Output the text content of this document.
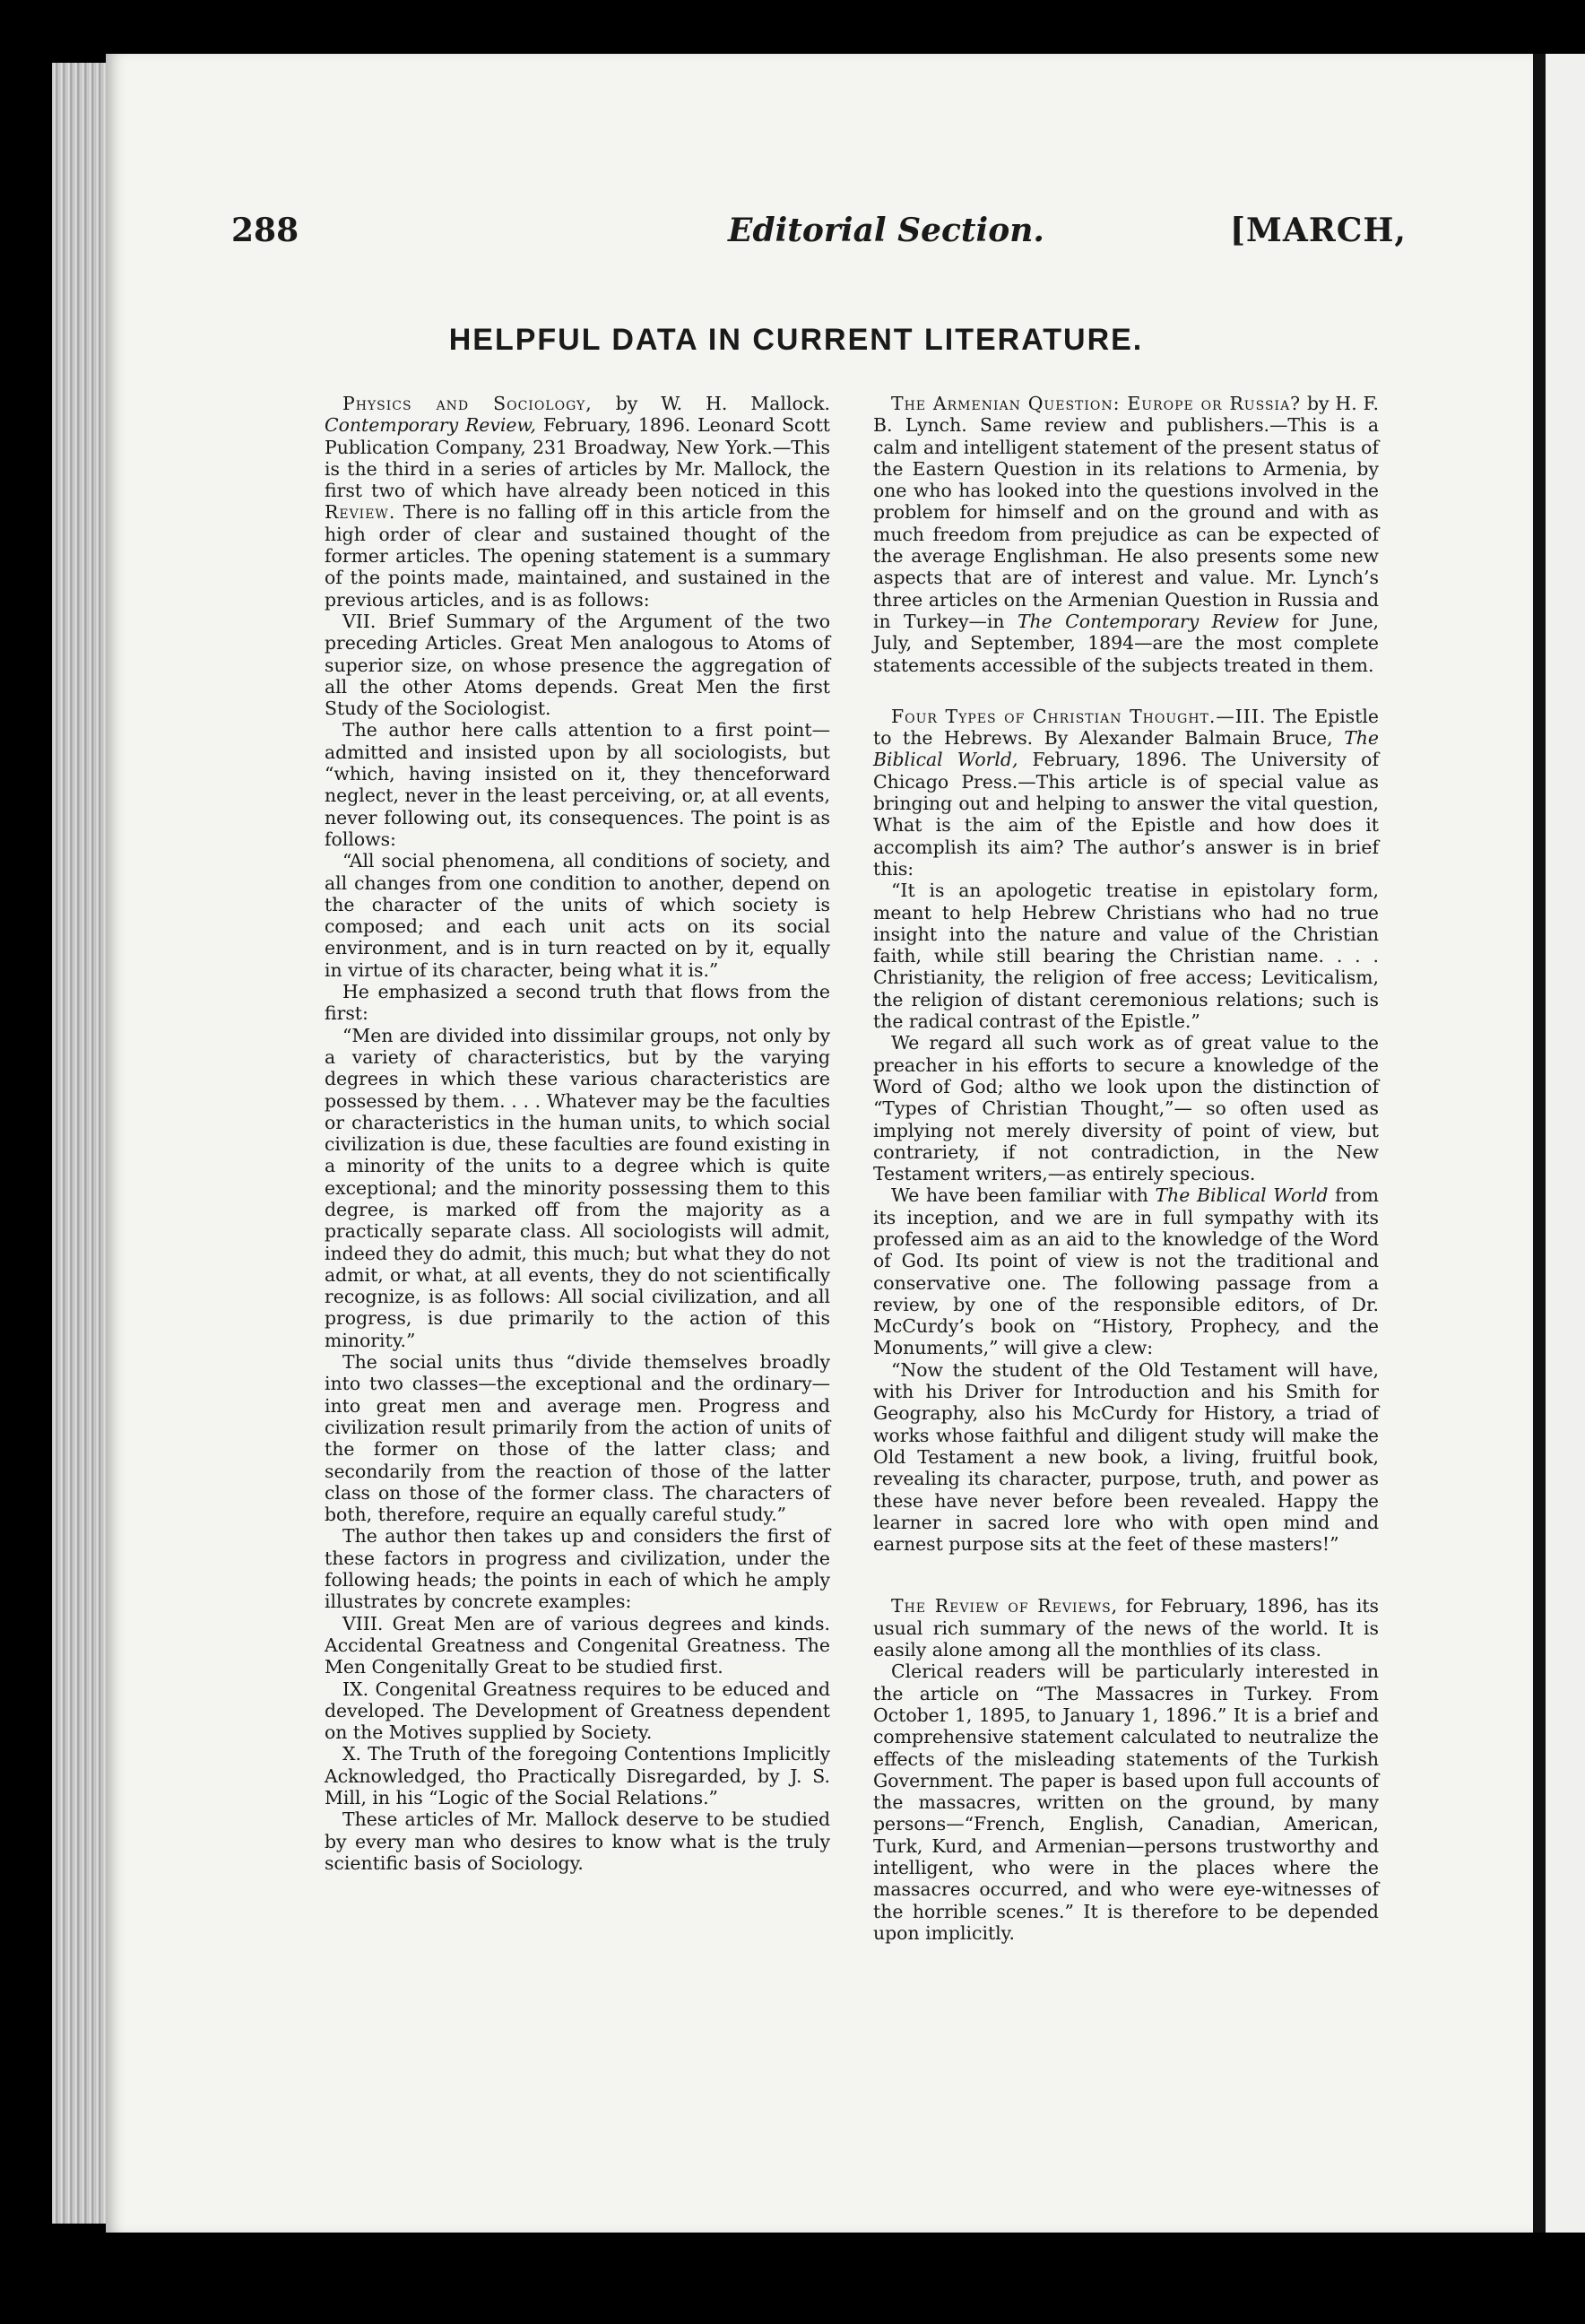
288	Editorial Section.	[MARCH,
HELPFUL DATA IN CURRENT LITERATURE.

Physics and Sociology, by W. H. Mallock. Contemporary Review, February, 1896. Leonard Scott Publication Company, 231 Broadway, New York.—This is the third in a series of articles by Mr. Mallock, the first two of which have already been noticed in this Review. There is no falling off in this article from the high order of clear and sustained thought of the former articles. The opening statement is a summary of the points made, maintained, and sustained in the previous articles, and is as follows:

VII. Brief Summary of the Argument of the two preceding Articles. Great Men analogous to Atoms of superior size, on whose presence the aggregation of all the other Atoms depends. Great Men the first Study of the Sociologist.

The author here calls attention to a first point—admitted and insisted upon by all sociologists, but “which, having insisted on it, they thenceforward neglect, never in the least perceiving, or, at all events, never following out, its consequences. The point is as follows:

“All social phenomena, all conditions of society, and all changes from one condition to another, depend on the character of the units of which society is composed; and each unit acts on its social environment, and is in turn reacted on by it, equally in virtue of its character, being what it is.”

He emphasized a second truth that flows from the first:

“Men are divided into dissimilar groups, not only by a variety of characteristics, but by the varying degrees in which these various characteristics are possessed by them. . . . Whatever may be the faculties or characteristics in the human units, to which social civilization is due, these faculties are found existing in a minority of the units to a degree which is quite exceptional; and the minority possessing them to this degree, is marked off from the majority as a practically separate class. All sociologists will admit, indeed they do admit, this much; but what they do not admit, or what, at all events, they do not scientifically recognize, is as follows: All social civilization, and all progress, is due primarily to the action of this minority.”

The social units thus “divide themselves broadly into two classes—the exceptional and the ordinary—into great men and average men. Progress and civilization result primarily from the action of units of the former on those of the latter class; and secondarily from the reaction of those of the latter class on those of the former class. The characters of both, therefore, require an equally careful study.”

The author then takes up and considers the first of these factors in progress and civilization, under the following heads; the points in each of which he amply illustrates by concrete examples:

VIII. Great Men are of various degrees and kinds. Accidental Greatness and Congenital Greatness. The Men Congenitally Great to be studied first.

IX. Congenital Greatness requires to be educed and developed. The Development of Greatness dependent on the Motives supplied by Society.

X. The Truth of the foregoing Contentions Implicitly Acknowledged, tho Practically Disregarded, by J. S. Mill, in his “Logic of the Social Relations.”

These articles of Mr. Mallock deserve to be studied by every man who desires to know what is the truly scientific basis of Sociology.

The Armenian Question: Europe or Russia? by H. F. B. Lynch. Same review and publishers.—This is a calm and intelligent statement of the present status of the Eastern Question in its relations to Armenia, by one who has looked into the questions involved in the problem for himself and on the ground and with as much freedom from prejudice as can be expected of the average Englishman. He also presents some new aspects that are of interest and value. Mr. Lynch’s three articles on the Armenian Question in Russia and in Turkey—in The Contemporary Review for June, July, and September, 1894—are the most complete statements accessible of the subjects treated in them.

Four Types of Christian Thought.—III. The Epistle to the Hebrews. By Alexander Balmain Bruce, The Biblical World, February, 1896. The University of Chicago Press.—This article is of special value as bringing out and helping to answer the vital question, What is the aim of the Epistle and how does it accomplish its aim? The author’s answer is in brief this:

“It is an apologetic treatise in epistolary form, meant to help Hebrew Christians who had no true insight into the nature and value of the Christian faith, while still bearing the Christian name. . . . Christianity, the religion of free access; Leviticalism, the religion of distant ceremonious relations; such is the radical contrast of the Epistle.”

We regard all such work as of great value to the preacher in his efforts to secure a knowledge of the Word of God; altho we look upon the distinction of “Types of Christian Thought,”— so often used as implying not merely diversity of point of view, but contrariety, if not contradiction, in the New Testament writers,—as entirely specious.

We have been familiar with The Biblical World from its inception, and we are in full sympathy with its professed aim as an aid to the knowledge of the Word of God. Its point of view is not the traditional and conservative one. The following passage from a review, by one of the responsible editors, of Dr. McCurdy’s book on “History, Prophecy, and the Monuments,” will give a clew:

“Now the student of the Old Testament will have, with his Driver for Introduction and his Smith for Geography, also his McCurdy for History, a triad of works whose faithful and diligent study will make the Old Testament a new book, a living, fruitful book, revealing its character, purpose, truth, and power as these have never before been revealed. Happy the learner in sacred lore who with open mind and earnest purpose sits at the feet of these masters!”

The Review of Reviews, for February, 1896, has its usual rich summary of the news of the world. It is easily alone among all the monthlies of its class.

Clerical readers will be particularly interested in the article on “The Massacres in Turkey. From October 1, 1895, to January 1, 1896.” It is a brief and comprehensive statement calculated to neutralize the effects of the misleading statements of the Turkish Government. The paper is based upon full accounts of the massacres, written on the ground, by many persons—“French, English, Canadian, American, Turk, Kurd, and Armenian—persons trustworthy and intelligent, who were in the places where the massacres occurred, and who were eye-witnesses of the horrible scenes.” It is therefore to be depended upon implicitly.
